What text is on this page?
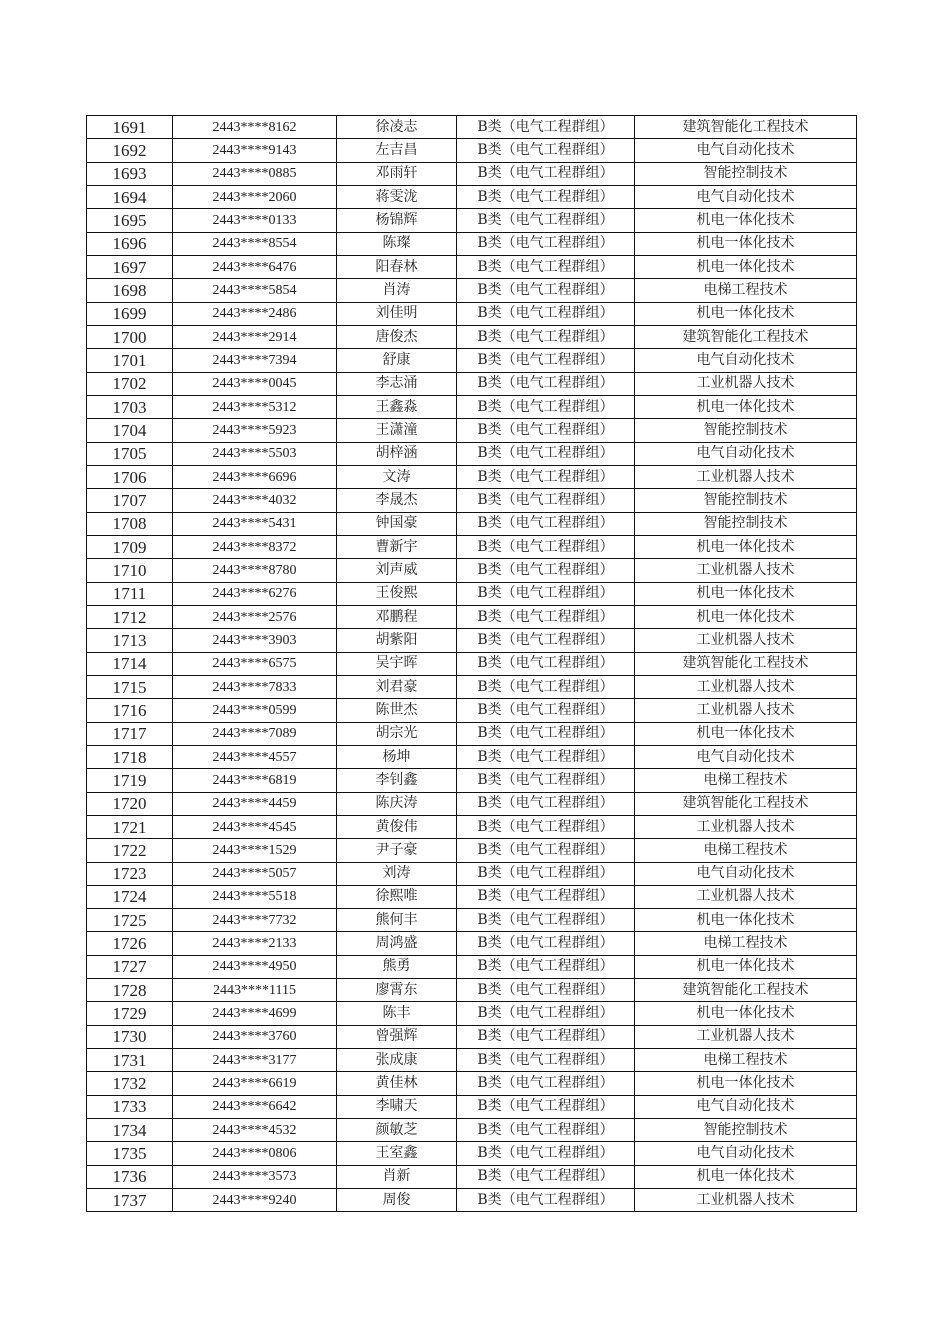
1691	2443****8162	徐凌志	B类（电气工程群组）	建筑智能化工程技术
1692	2443****9143	左吉昌	B类（电气工程群组）	电气自动化技术
1693	2443****0885	邓雨轩	B类（电气工程群组）	智能控制技术
1694	2443****2060	蒋雯泷	B类（电气工程群组）	电气自动化技术
1695	2443****0133	杨锦辉	B类（电气工程群组）	机电一体化技术
1696	2443****8554	陈璨	B类（电气工程群组）	机电一体化技术
1697	2443****6476	阳春林	B类（电气工程群组）	机电一体化技术
1698	2443****5854	肖涛	B类（电气工程群组）	电梯工程技术
1699	2443****2486	刘佳明	B类（电气工程群组）	机电一体化技术
1700	2443****2914	唐俊杰	B类（电气工程群组）	建筑智能化工程技术
1701	2443****7394	舒康	B类（电气工程群组）	电气自动化技术
1702	2443****0045	李志涌	B类（电气工程群组）	工业机器人技术
1703	2443****5312	王鑫淼	B类（电气工程群组）	机电一体化技术
1704	2443****5923	王潇潼	B类（电气工程群组）	智能控制技术
1705	2443****5503	胡梓涵	B类（电气工程群组）	电气自动化技术
1706	2443****6696	文涛	B类（电气工程群组）	工业机器人技术
1707	2443****4032	李晟杰	B类（电气工程群组）	智能控制技术
1708	2443****5431	钟国豪	B类（电气工程群组）	智能控制技术
1709	2443****8372	曹新宇	B类（电气工程群组）	机电一体化技术
1710	2443****8780	刘声威	B类（电气工程群组）	工业机器人技术
1711	2443****6276	王俊熙	B类（电气工程群组）	机电一体化技术
1712	2443****2576	邓鹏程	B类（电气工程群组）	机电一体化技术
1713	2443****3903	胡紫阳	B类（电气工程群组）	工业机器人技术
1714	2443****6575	吴宇晖	B类（电气工程群组）	建筑智能化工程技术
1715	2443****7833	刘君豪	B类（电气工程群组）	工业机器人技术
1716	2443****0599	陈世杰	B类（电气工程群组）	工业机器人技术
1717	2443****7089	胡宗光	B类（电气工程群组）	机电一体化技术
1718	2443****4557	杨坤	B类（电气工程群组）	电气自动化技术
1719	2443****6819	李钊鑫	B类（电气工程群组）	电梯工程技术
1720	2443****4459	陈庆涛	B类（电气工程群组）	建筑智能化工程技术
1721	2443****4545	黄俊伟	B类（电气工程群组）	工业机器人技术
1722	2443****1529	尹子豪	B类（电气工程群组）	电梯工程技术
1723	2443****5057	刘涛	B类（电气工程群组）	电气自动化技术
1724	2443****5518	徐熙唯	B类（电气工程群组）	工业机器人技术
1725	2443****7732	熊何丰	B类（电气工程群组）	机电一体化技术
1726	2443****2133	周鸿盛	B类（电气工程群组）	电梯工程技术
1727	2443****4950	熊勇	B类（电气工程群组）	机电一体化技术
1728	2443****1115	廖霄东	B类（电气工程群组）	建筑智能化工程技术
1729	2443****4699	陈丰	B类（电气工程群组）	机电一体化技术
1730	2443****3760	曾强辉	B类（电气工程群组）	工业机器人技术
1731	2443****3177	张成康	B类（电气工程群组）	电梯工程技术
1732	2443****6619	黄佳林	B类（电气工程群组）	机电一体化技术
1733	2443****6642	李啸天	B类（电气工程群组）	电气自动化技术
1734	2443****4532	颜敏芝	B类（电气工程群组）	智能控制技术
1735	2443****0806	王室鑫	B类（电气工程群组）	电气自动化技术
1736	2443****3573	肖新	B类（电气工程群组）	机电一体化技术
1737	2443****9240	周俊	B类（电气工程群组）	工业机器人技术
